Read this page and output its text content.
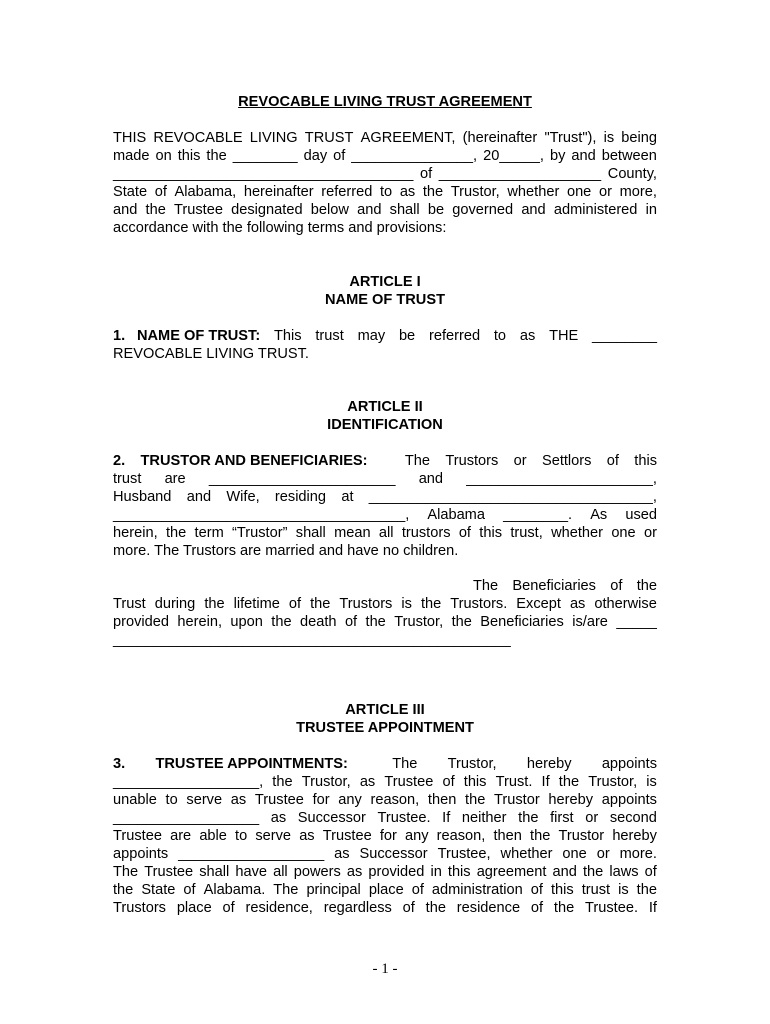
REVOCABLE LIVING TRUST AGREEMENT
THIS REVOCABLE LIVING TRUST AGREEMENT, (hereinafter "Trust"), is being
made on this the ________ day of _______________, 20_____, by and between
_____________________________________ of ____________________ County,
State of Alabama, hereinafter referred to as the Trustor, whether one or more,
and the Trustee designated below and shall be governed and administered in
accordance with the following terms and provisions:
ARTICLE I
NAME OF TRUST
1. NAME OF TRUST: This trust may be referred to as THE ________
REVOCABLE LIVING TRUST.
ARTICLE II
IDENTIFICATION
2. TRUSTOR AND BENEFICIARIES:	The Trustors or Settlors of this
trust are _______________________ and _______________________,
Husband and Wife, residing at ___________________________________,
____________________________________, Alabama ________. As used
herein, the term “Trustor” shall mean all trustors of this trust, whether one or
more. The Trustors are married and have no children.
The Beneficiaries of the
Trust during the lifetime of the Trustors is the Trustors. Except as otherwise
provided herein, upon the death of the Trustor, the Beneficiaries is/are _____
_________________________________________________
ARTICLE III
TRUSTEE APPOINTMENT
3. TRUSTEE APPOINTMENTS:	The Trustor, hereby appoints
__________________, the Trustor, as Trustee of this Trust. If the Trustor, is
unable to serve as Trustee for any reason, then the Trustor hereby appoints
__________________ as Successor Trustee. If neither the first or second
Trustee are able to serve as Trustee for any reason, then the Trustor hereby
appoints __________________ as Successor Trustee, whether one or more.
The Trustee shall have all powers as provided in this agreement and the laws of
the State of Alabama. The principal place of administration of this trust is the
Trustors place of residence, regardless of the residence of the Trustee. If
- 1 -
